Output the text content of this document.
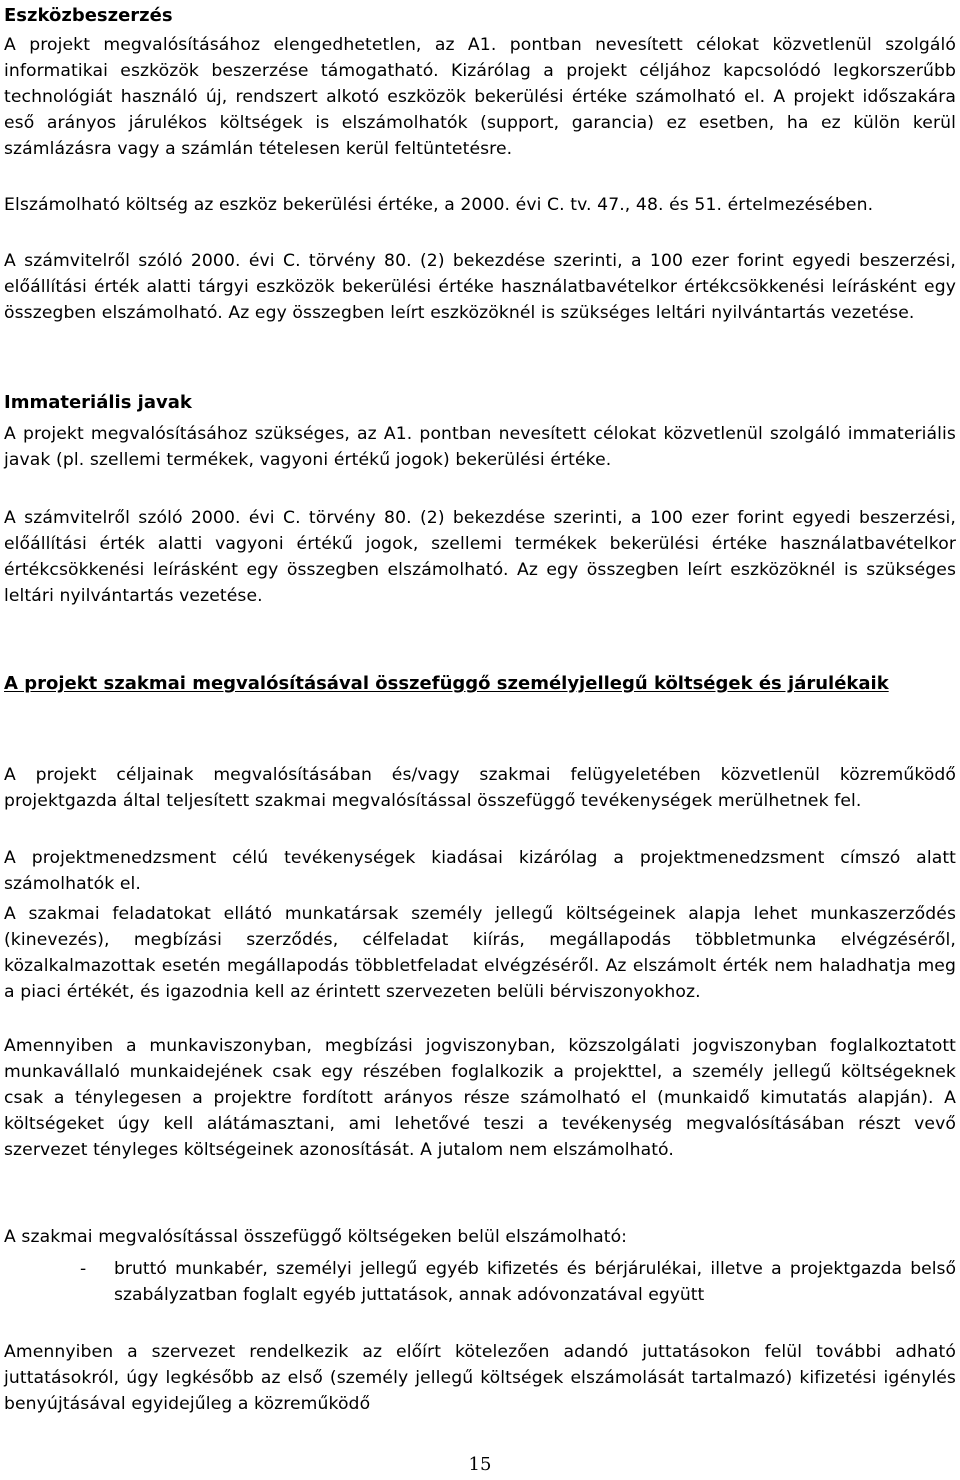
Eszközbeszerzés

A projekt megvalósításához elengedhetetlen, az A1. pontban nevesített célokat közvetlenül szolgáló informatikai eszközök beszerzése támogatható. Kizárólag a projekt céljához kapcsolódó legkorszerűbb technológiát használó új, rendszert alkotó eszközök bekerülési értéke számolható el. A projekt időszakára eső arányos járulékos költségek is elszámolhatók (support, garancia) ez esetben, ha ez külön kerül számlázásra vagy a számlán tételesen kerül feltüntetésre.

Elszámolható költség az eszköz bekerülési értéke, a 2000. évi C. tv. 47., 48. és 51. értelmezésében.

A számvitelről szóló 2000. évi C. törvény 80. (2) bekezdése szerinti, a 100 ezer forint egyedi beszerzési, előállítási érték alatti tárgyi eszközök bekerülési értéke használatbavételkor értékcsökkenési leírásként egy összegben elszámolható. Az egy összegben leírt eszközöknél is szükséges leltári nyilvántartás vezetése.

Immateriális javak

A projekt megvalósításához szükséges, az A1. pontban nevesített célokat közvetlenül szolgáló immateriális javak (pl. szellemi termékek, vagyoni értékű jogok) bekerülési értéke.

A számvitelről szóló 2000. évi C. törvény 80. (2) bekezdése szerinti, a 100 ezer forint egyedi beszerzési, előállítási érték alatti vagyoni értékű jogok, szellemi termékek bekerülési értéke használatbavételkor értékcsökkenési leírásként egy összegben elszámolható. Az egy összegben leírt eszközöknél is szükséges leltári nyilvántartás vezetése.

A projekt szakmai megvalósításával összefüggő személyjellegű költségek és járulékaik

A projekt céljainak megvalósításában és/vagy szakmai felügyeletében közvetlenül közreműködő projektgazda által teljesített szakmai megvalósítással összefüggő tevékenységek merülhetnek fel.

A projektmenedzsment célú tevékenységek kiadásai kizárólag a projektmenedzsment címszó alatt számolhatók el.

A szakmai feladatokat ellátó munkatársak személy jellegű költségeinek alapja lehet munkaszerződés (kinevezés), megbízási szerződés, célfeladat kiírás, megállapodás többletmunka elvégzéséről, közalkalmazottak esetén megállapodás többletfeladat elvégzéséről. Az elszámolt érték nem haladhatja meg a piaci értékét, és igazodnia kell az érintett szervezeten belüli bérviszonyokhoz.

Amennyiben a munkaviszonyban, megbízási jogviszonyban, közszolgálati jogviszonyban foglalkoztatott munkavállaló munkaidejének csak egy részében foglalkozik a projekttel, a személy jellegű költségeknek csak a ténylegesen a projektre fordított arányos része számolható el (munkaidő kimutatás alapján). A költségeket úgy kell alátámasztani, ami lehetővé teszi a tevékenység megvalósításában részt vevő szervezet tényleges költségeinek azonosítását. A jutalom nem elszámolható.

A szakmai megvalósítással összefüggő költségeken belül elszámolható:

- bruttó munkabér, személyi jellegű egyéb kifizetés és bérjárulékai, illetve a projektgazda belső szabályzatban foglalt egyéb juttatások, annak adóvonzatával együtt

Amennyiben a szervezet rendelkezik az előírt kötelezően adandó juttatásokon felül további adható juttatásokról, úgy legkésőbb az első (személy jellegű költségek elszámolását tartalmazó) kifizetési igénylés benyújtásával egyidejűleg a közreműködő

15
